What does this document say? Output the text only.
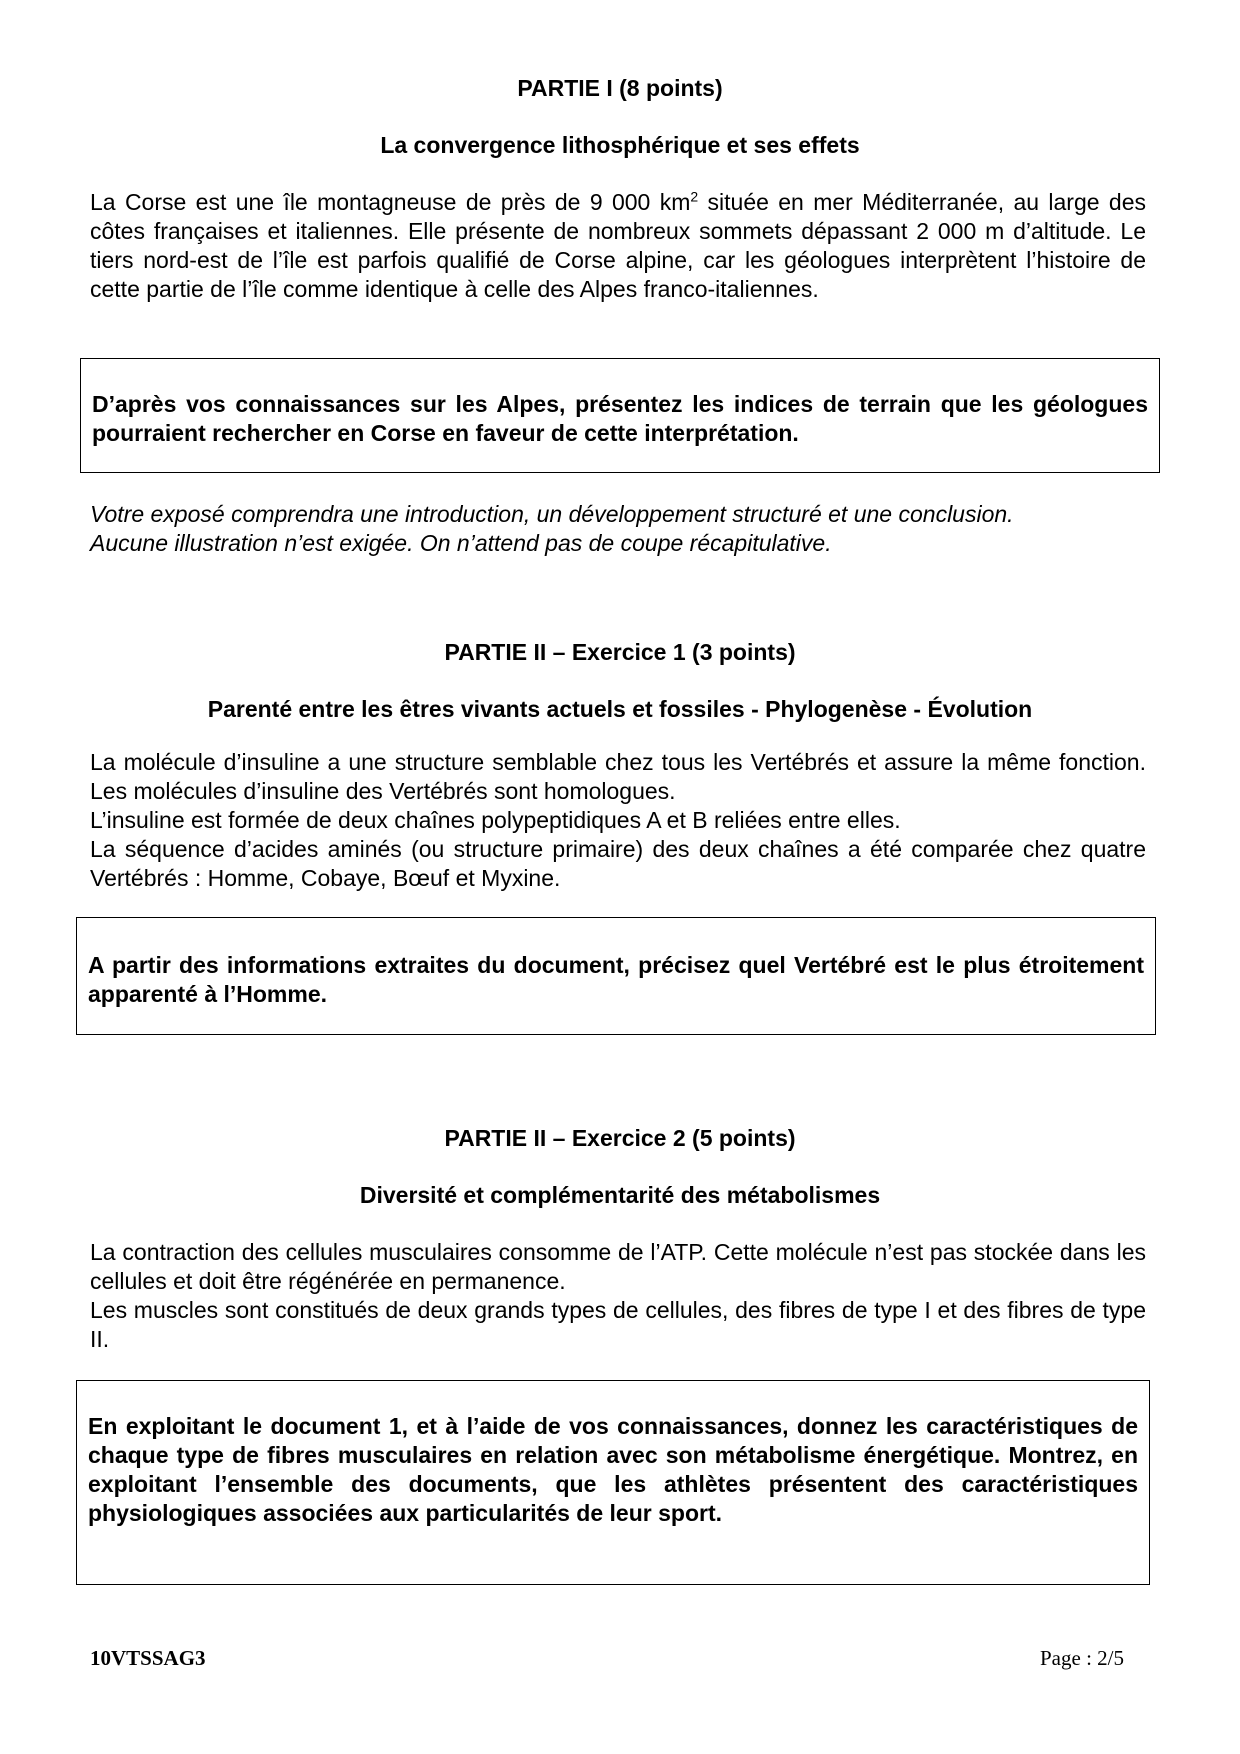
PARTIE I (8 points)
La convergence lithosphérique et ses effets

La Corse est une île montagneuse de près de 9 000 $km^2$ située en mer Méditerranée, au large des côtes françaises et italiennes. Elle présente de nombreux sommets dépassant 2 000 m d’altitude. Le tiers nord-est de l’île est parfois qualifié de Corse alpine, car les géologues interprètent l’histoire de cette partie de l’île comme identique à celle des Alpes franco-italiennes.

D’après vos connaissances sur les Alpes, présentez les indices de terrain que les géologues pourraient rechercher en Corse en faveur de cette interprétation.
Votre exposé comprendra une introduction, un développement structuré et une conclusion.
Aucune illustration n’est exigée. On n’attend pas de coupe récapitulative.
PARTIE II – Exercice 1 (3 points)
Parenté entre les êtres vivants actuels et fossiles - Phylogenèse - Évolution

La molécule d’insuline a une structure semblable chez tous les Vertébrés et assure la même fonction. Les molécules d’insuline des Vertébrés sont homologues.

L’insuline est formée de deux chaînes polypeptidiques A et B reliées entre elles.

La séquence d’acides aminés (ou structure primaire) des deux chaînes a été comparée chez quatre Vertébrés : Homme, Cobaye, Bœuf et Myxine.

A partir des informations extraites du document, précisez quel Vertébré est le plus étroitement apparenté à l’Homme.
PARTIE II – Exercice 2 (5 points)
Diversité et complémentarité des métabolismes

La contraction des cellules musculaires consomme de l’ATP. Cette molécule n’est pas stockée dans les cellules et doit être régénérée en permanence.

Les muscles sont constitués de deux grands types de cellules, des fibres de type I et des fibres de type II.

En exploitant le document 1, et à l’aide de vos connaissances, donnez les caractéristiques de chaque type de fibres musculaires en relation avec son métabolisme énergétique. Montrez, en exploitant l’ensemble des documents, que les athlètes présentent des caractéristiques physiologiques associées aux particularités de leur sport.
10VTSSAG3	Page : 2/5
